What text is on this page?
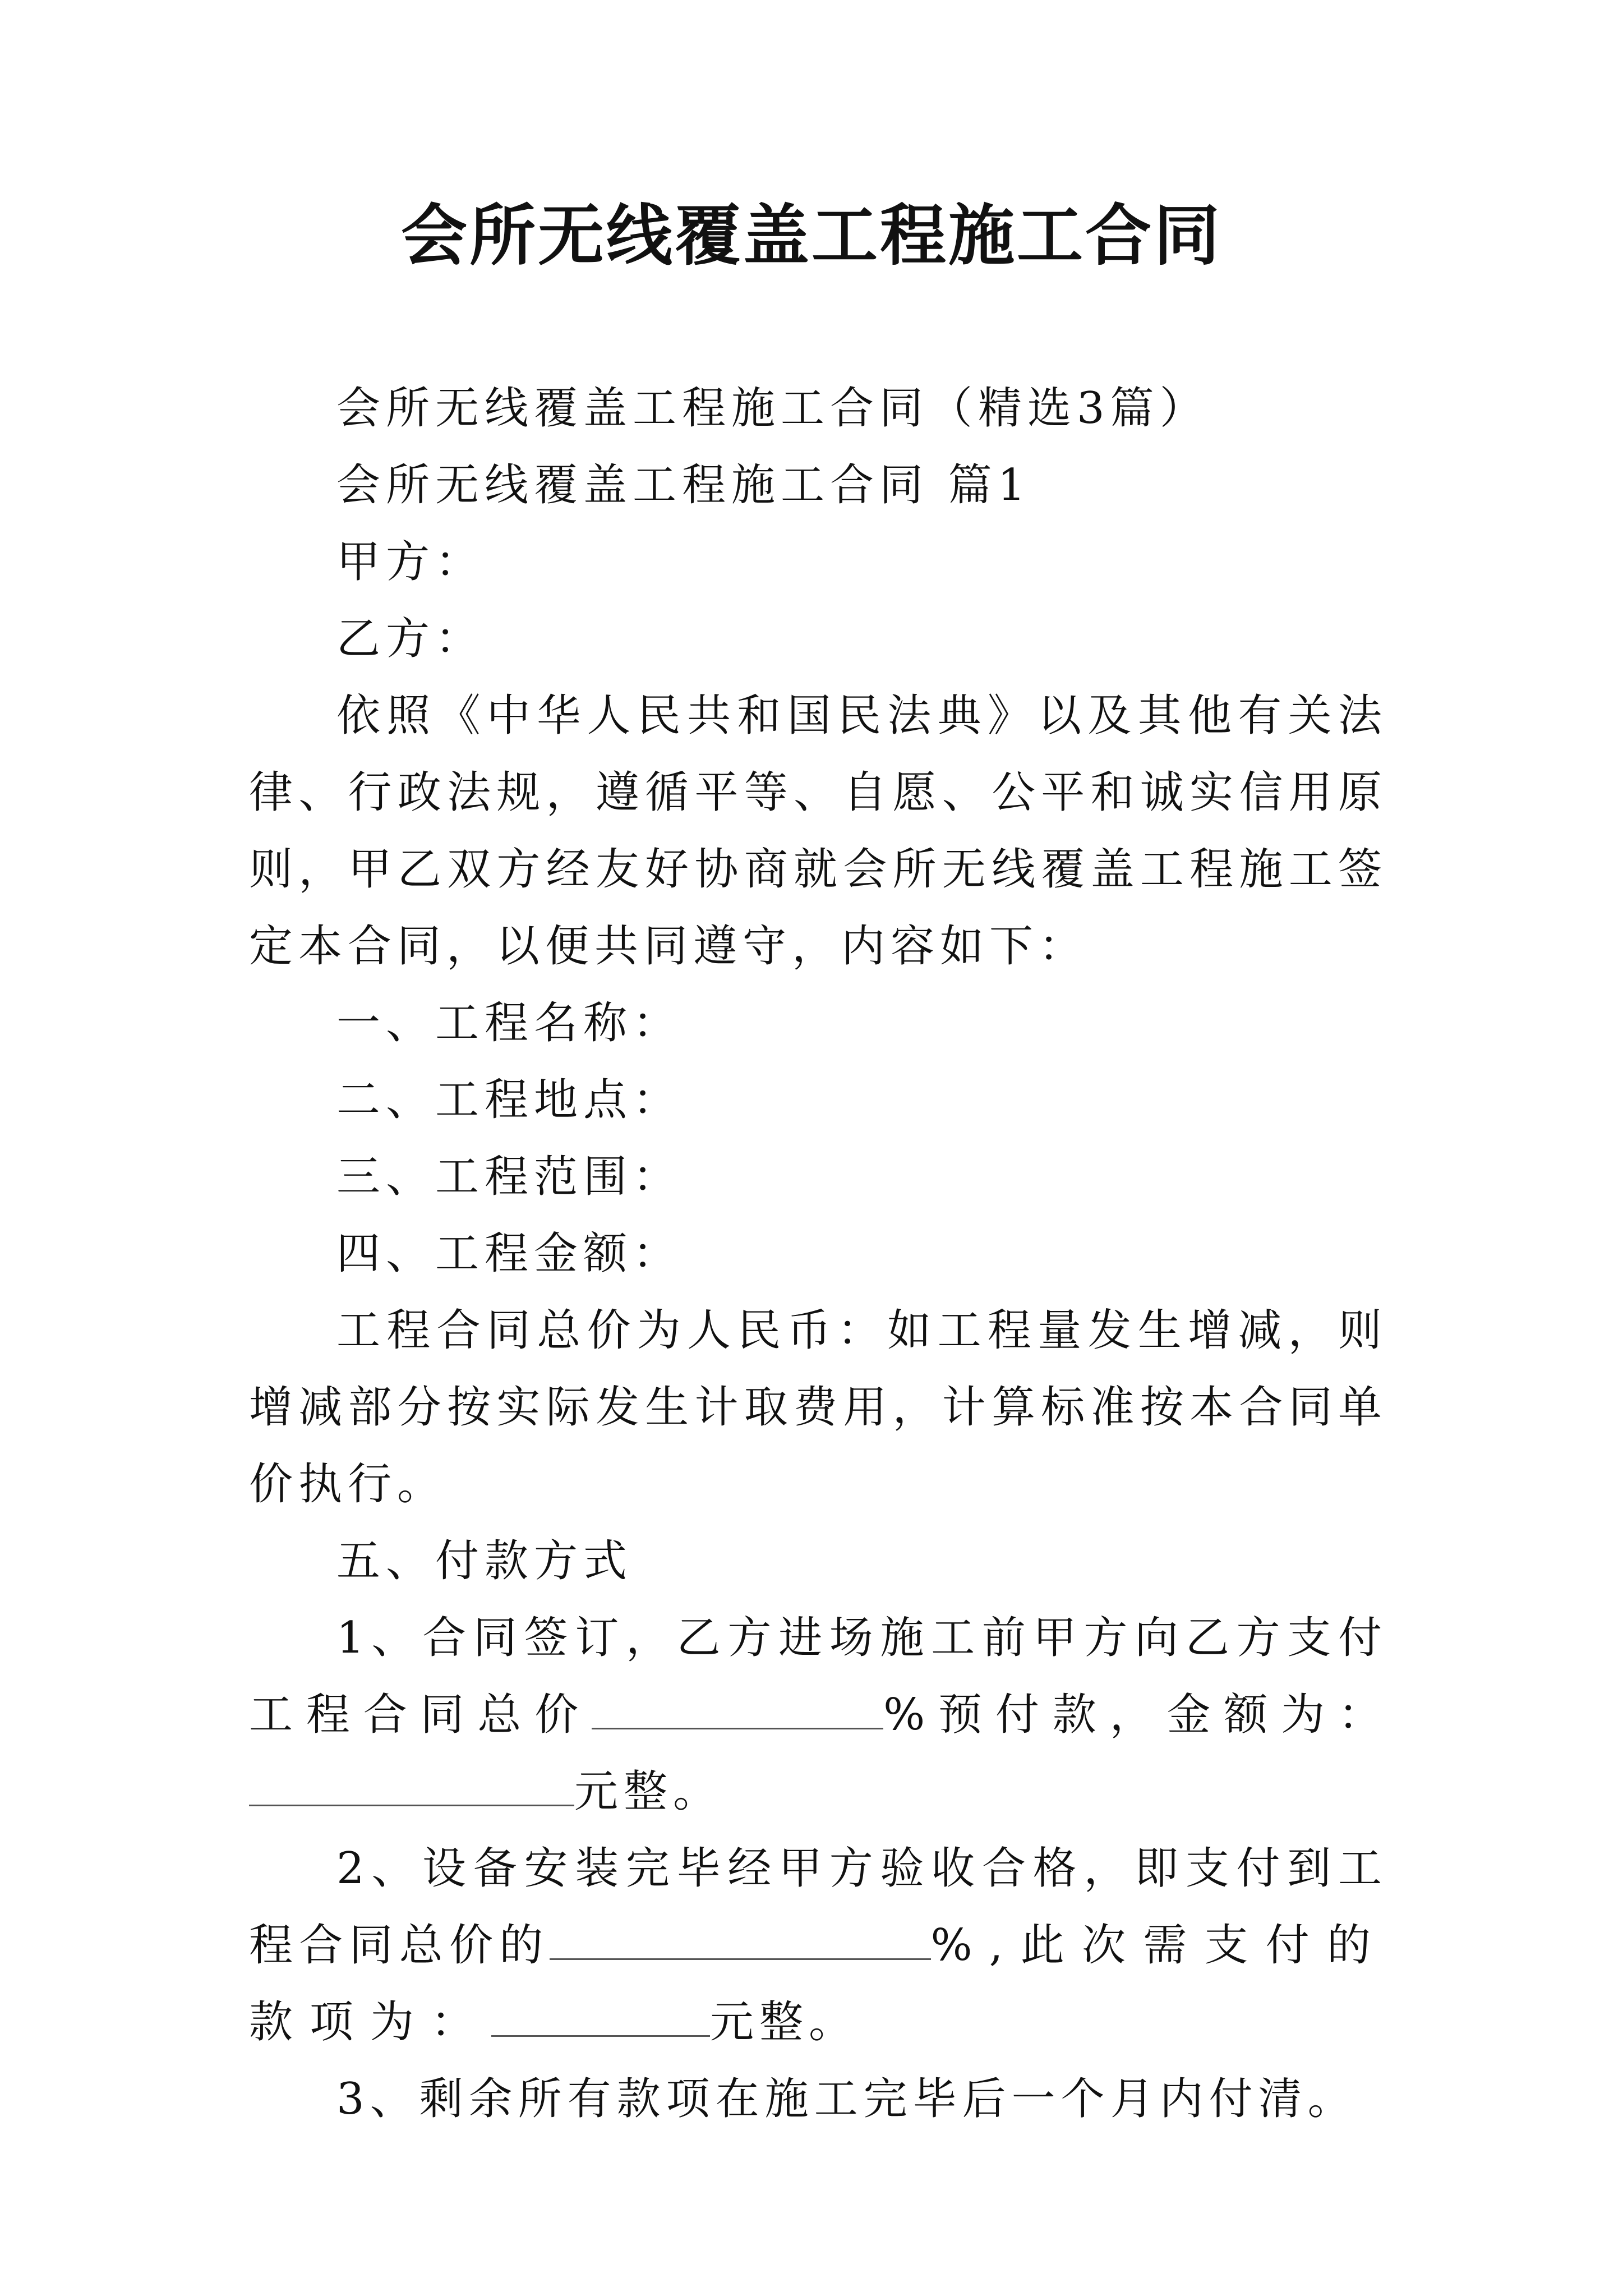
会所无线覆盖工程施工合同

会所无线覆盖工程施工合同（精选3篇）

会所无线覆盖工程施工合同 篇1

甲方：

乙方：

依照《中华人民共和国民法典》以及其他有关法律、行政法规，遵循平等、自愿、公平和诚实信用原则，甲乙双方经友好协商就会所无线覆盖工程施工签定本合同，以便共同遵守，内容如下：

一、工程名称：

二、工程地点：

三、工程范围：

四、工程金额：

工程合同总价为人民币：如工程量发生增减，则增减部分按实际发生计取费用，计算标准按本合同单价执行。

五、付款方式

1、合同签订，乙方进场施工前甲方向乙方支付工程合同总价	%预付款，金额为：元整。

2、设备安装完毕经甲方验收合格，即支付到工程合同总价的	%,此次需支付的款项为：	元整。

3、剩余所有款项在施工完毕后一个月内付清。
